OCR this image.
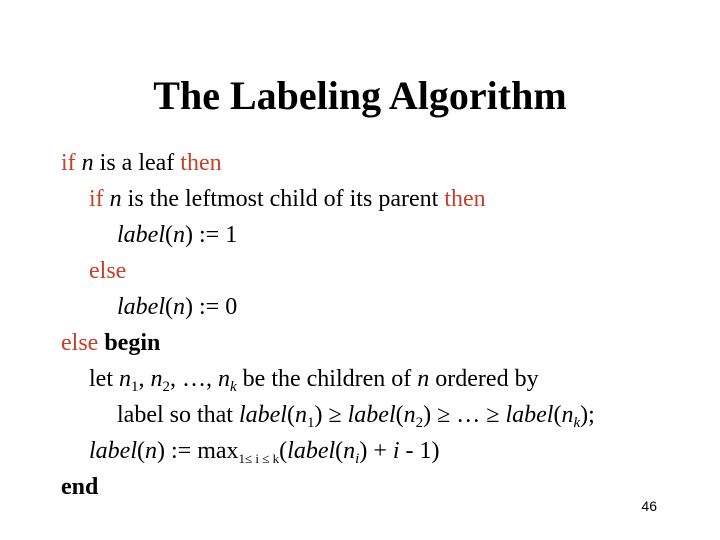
The Labeling Algorithm
if n is a leaf then
if n is the leftmost child of its parent then
label(n) := 1
else
label(n) := 0
else begin
let $n_1$, $n_2$, …, $n_k$ be the children of n ordered by
label so that $label(n_1)$ ≥ $label(n_2)$ ≥ … ≥ $label(n_k)$;
label(n) := $\max_{1\le i \le k}(label(n_i) + i - 1)$
end
46
